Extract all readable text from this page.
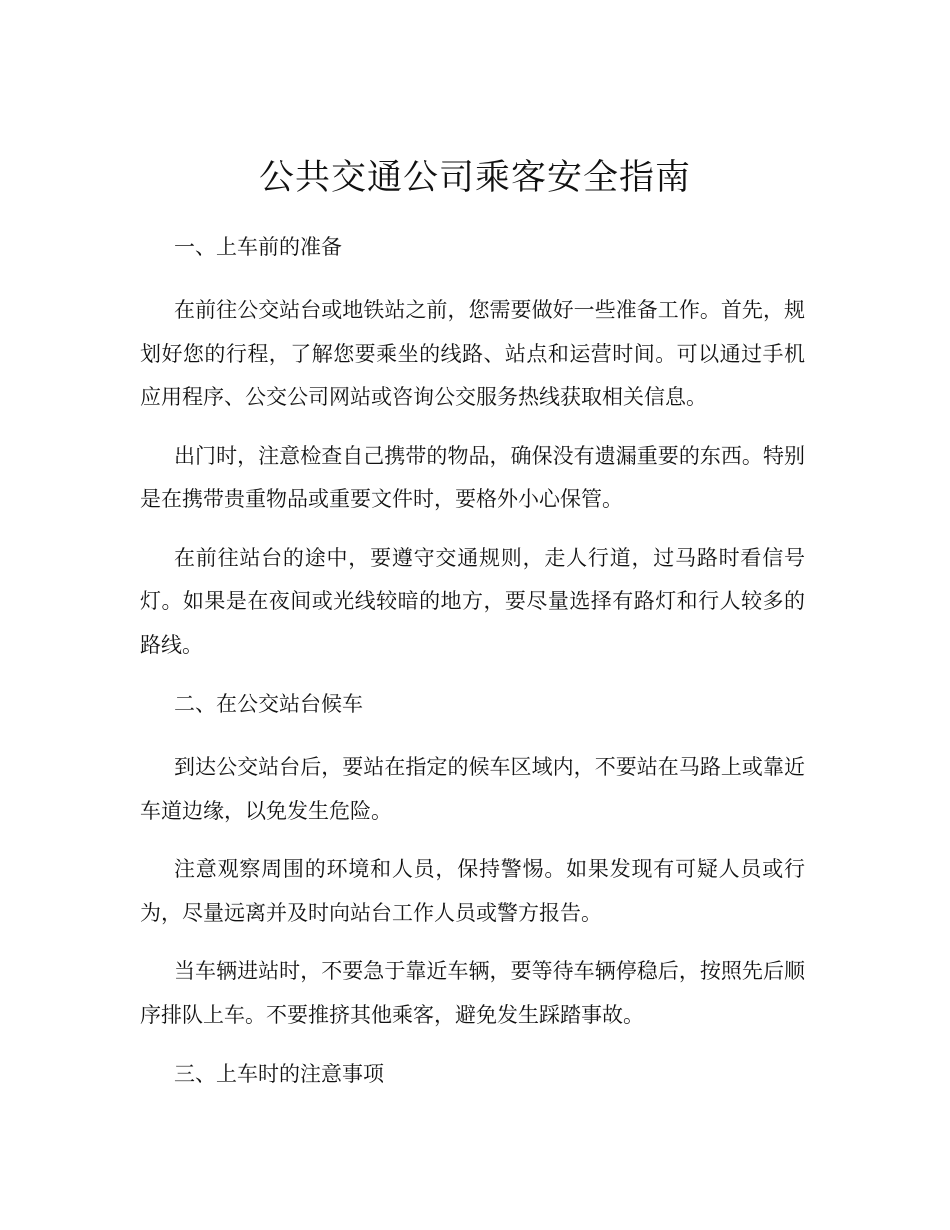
公共交通公司乘客安全指南
一、上车前的准备

在前往公交站台或地铁站之前，您需要做好一些准备工作。首先，规划好您的行程，了解您要乘坐的线路、站点和运营时间。可以通过手机应用程序、公交公司网站或咨询公交服务热线获取相关信息。

出门时，注意检查自己携带的物品，确保没有遗漏重要的东西。特别是在携带贵重物品或重要文件时，要格外小心保管。

在前往站台的途中，要遵守交通规则，走人行道，过马路时看信号灯。如果是在夜间或光线较暗的地方，要尽量选择有路灯和行人较多的路线。

二、在公交站台候车

到达公交站台后，要站在指定的候车区域内，不要站在马路上或靠近车道边缘，以免发生危险。

注意观察周围的环境和人员，保持警惕。如果发现有可疑人员或行为，尽量远离并及时向站台工作人员或警方报告。

当车辆进站时，不要急于靠近车辆，要等待车辆停稳后，按照先后顺序排队上车。不要推挤其他乘客，避免发生踩踏事故。

三、上车时的注意事项
